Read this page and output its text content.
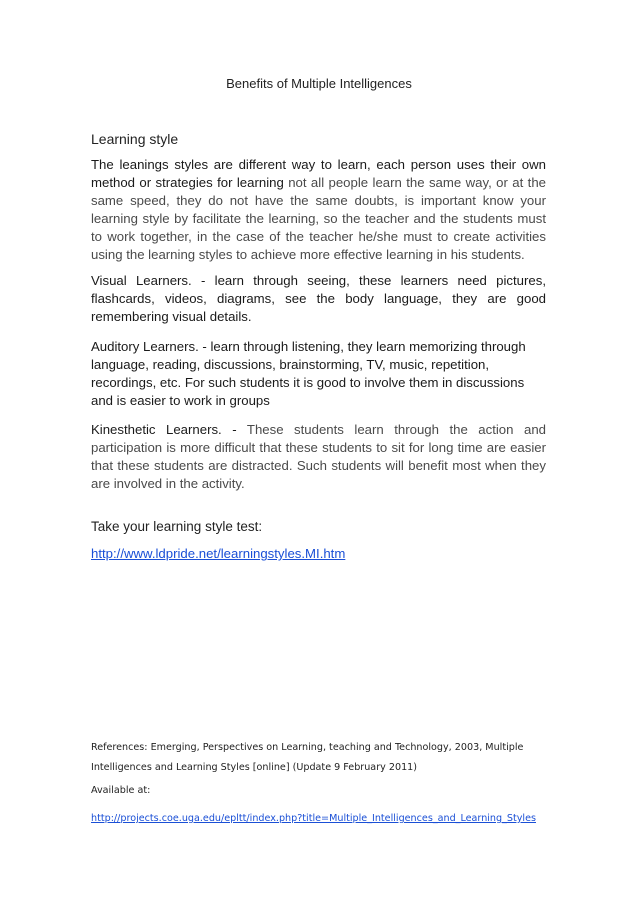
Benefits of Multiple Intelligences
Learning style

The leanings styles are different way to learn, each person uses their own method or strategies for learning not all people learn the same way, or at the same speed, they do not have the same doubts, is important know your learning style by facilitate the learning, so the teacher and the students must to work together, in the case of the teacher he/she must to create activities using the learning styles to achieve more effective learning in his students.

Visual Learners. - learn through seeing, these learners need pictures, flashcards, videos, diagrams, see the body language, they are good remembering visual details.

Auditory Learners. - learn through listening, they learn memorizing through language, reading, discussions, brainstorming, TV, music, repetition, recordings, etc. For such students it is good to involve them in discussions and is easier to work in groups

Kinesthetic Learners. - These students learn through the action and participation is more difficult that these students to sit for long time are easier that these students are distracted. Such students will benefit most when they are involved in the activity.

Take your learning style test:
http://www.ldpride.net/learningstyles.MI.htm

References: Emerging, Perspectives on Learning, teaching and Technology, 2003, Multiple Intelligences and Learning Styles [online] (Update 9 February 2011)

Available at:
http://projects.coe.uga.edu/epltt/index.php?title=Multiple_Intelligences_and_Learning_Styles
